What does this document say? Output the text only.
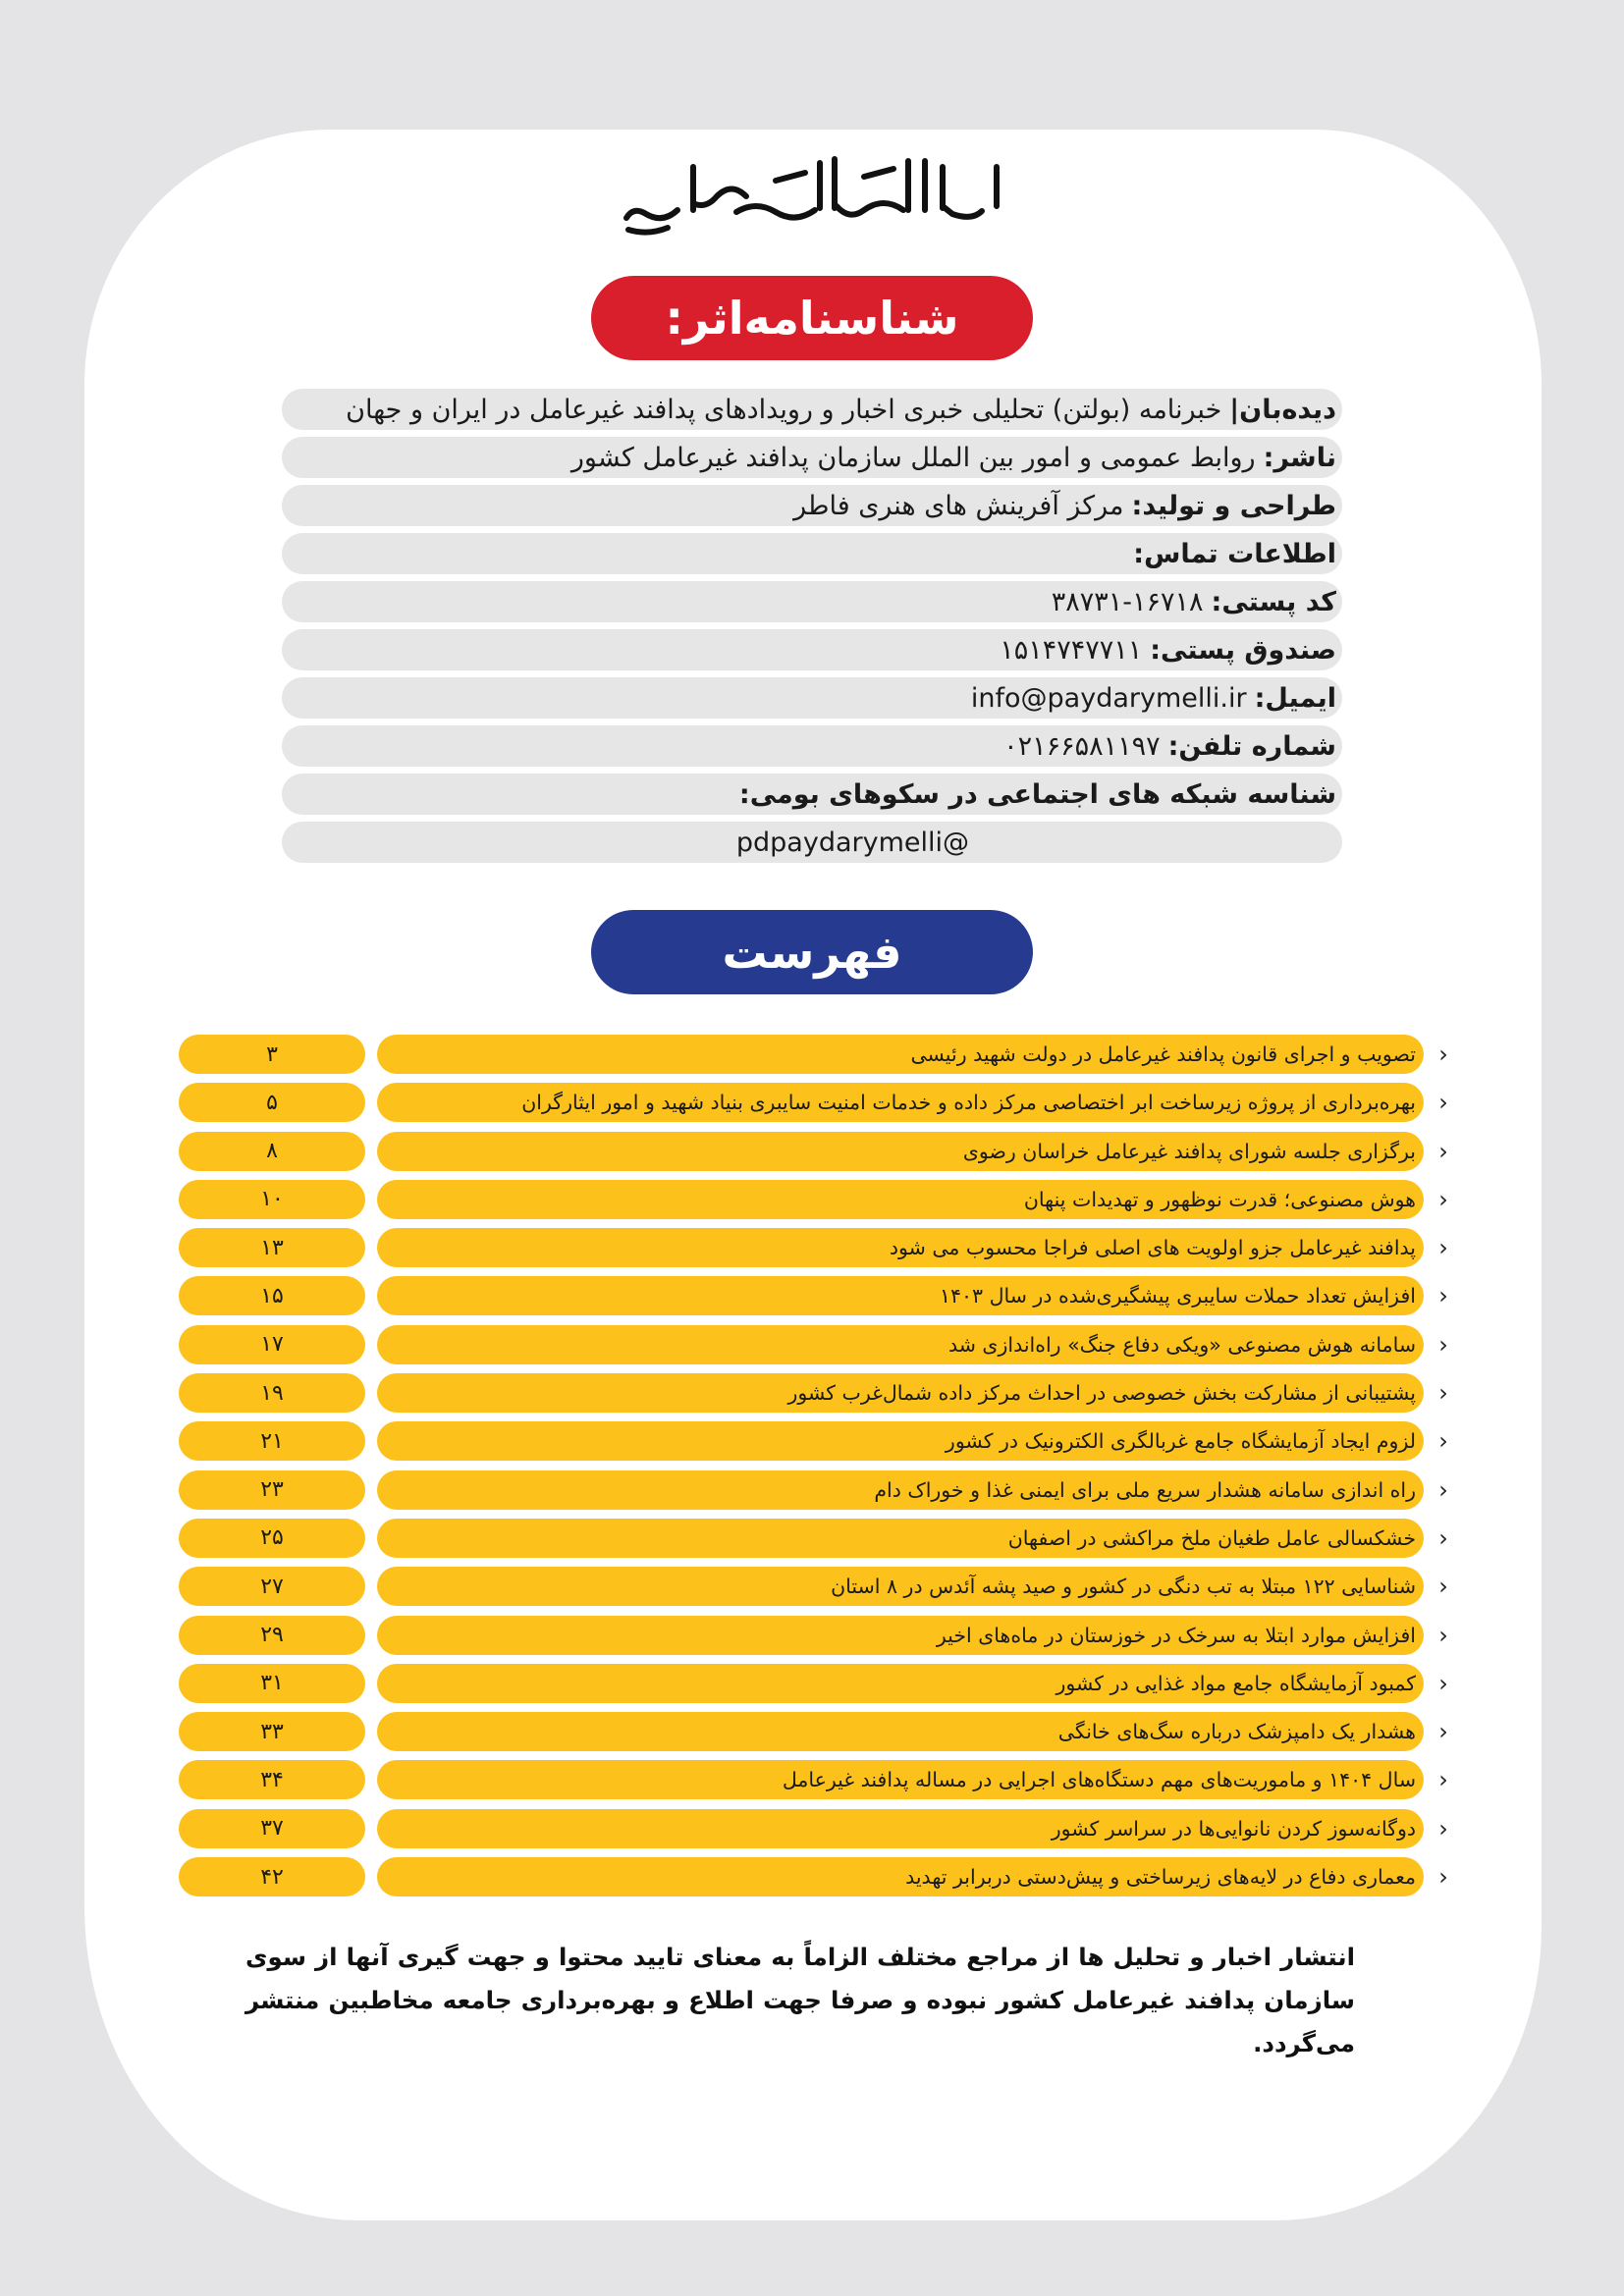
شناسنامه‌اثر:
دیده‌بان|
خبرنامه (بولتن) تحلیلی خبری اخبار و رویدادهای پدافند غیرعامل در ایران و جهان
ناشر:
روابط عمومی و امور بین الملل سازمان پدافند غیرعامل کشور
طراحی و تولید:
مرکز آفرینش های هنری فاطر
اطلاعات تماس:
کد پستی:
۳۸۷۳۱-۱۶۷۱۸
صندوق پستی:
۱۵۱۴۷۴۷۷۱۱
ایمیل:
info@paydarymelli.ir
شماره تلفن:
۰۲۱۶۶۵۸۱۱۹۷
شناسه شبکه های اجتماعی در سکوهای بومی:
@pdpaydarymelli
فهرست
‹
تصویب و اجرای قانون پدافند غیرعامل در دولت شهید رئیسی
۳
‹
بهره‌برداری از پروژه زیرساخت ابر اختصاصی مرکز داده و خدمات امنیت سایبری بنیاد شهید و امور ایثارگران
۵
‹
برگزاری جلسه شورای پدافند غیرعامل خراسان رضوی
۸
‹
هوش مصنوعی؛ قدرت نوظهور و تهدیدات پنهان
۱۰
‹
پدافند غیرعامل جزو اولویت های اصلی فراجا محسوب می شود
۱۳
‹
افزایش تعداد حملات سایبری پیشگیری‌شده در سال ۱۴۰۳
۱۵
‹
سامانه هوش مصنوعی «ویکی دفاع جنگ» راه‌اندازی شد
۱۷
‹
پشتیبانی از مشارکت بخش خصوصی در احداث مرکز داده شمال‌غرب کشور
۱۹
‹
لزوم ایجاد آزمایشگاه جامع غربالگری الکترونیک در کشور
۲۱
‹
راه اندازی سامانه هشدار سریع ملی برای ایمنی غذا و خوراک دام
۲۳
‹
خشکسالی عامل طغیان ملخ مراکشی در اصفهان
۲۵
‹
شناسایی ۱۲۲ مبتلا به تب دنگی در کشور و صید پشه آئدس در ۸ استان
۲۷
‹
افزایش موارد ابتلا به سرخک در خوزستان در ماه‌های اخیر
۲۹
‹
کمبود آزمایشگاه جامع مواد غذایی در کشور
۳۱
‹
هشدار یک دامپزشک درباره سگ‌های خانگی
۳۳
‹
سال ۱۴۰۴ و ماموریت‌های مهم دستگاه‌های اجرایی در مساله پدافند غیرعامل
۳۴
‹
دوگانه‌سوز کردن نانوایی‌ها در سراسر کشور
۳۷
‹
معماری دفاع در لایه‌های زیرساختی و پیش‌دستی دربرابر تهدید
۴۲
انتشار اخبار و تحلیل ها از مراجع مختلف الزاماً به معنای تایید محتوا و جهت گیری آنها از سوی سازمان پدافند غیرعامل کشور نبوده و صرفا جهت اطلاع و بهره‌برداری جامعه مخاطبین منتشر می‌گردد.
